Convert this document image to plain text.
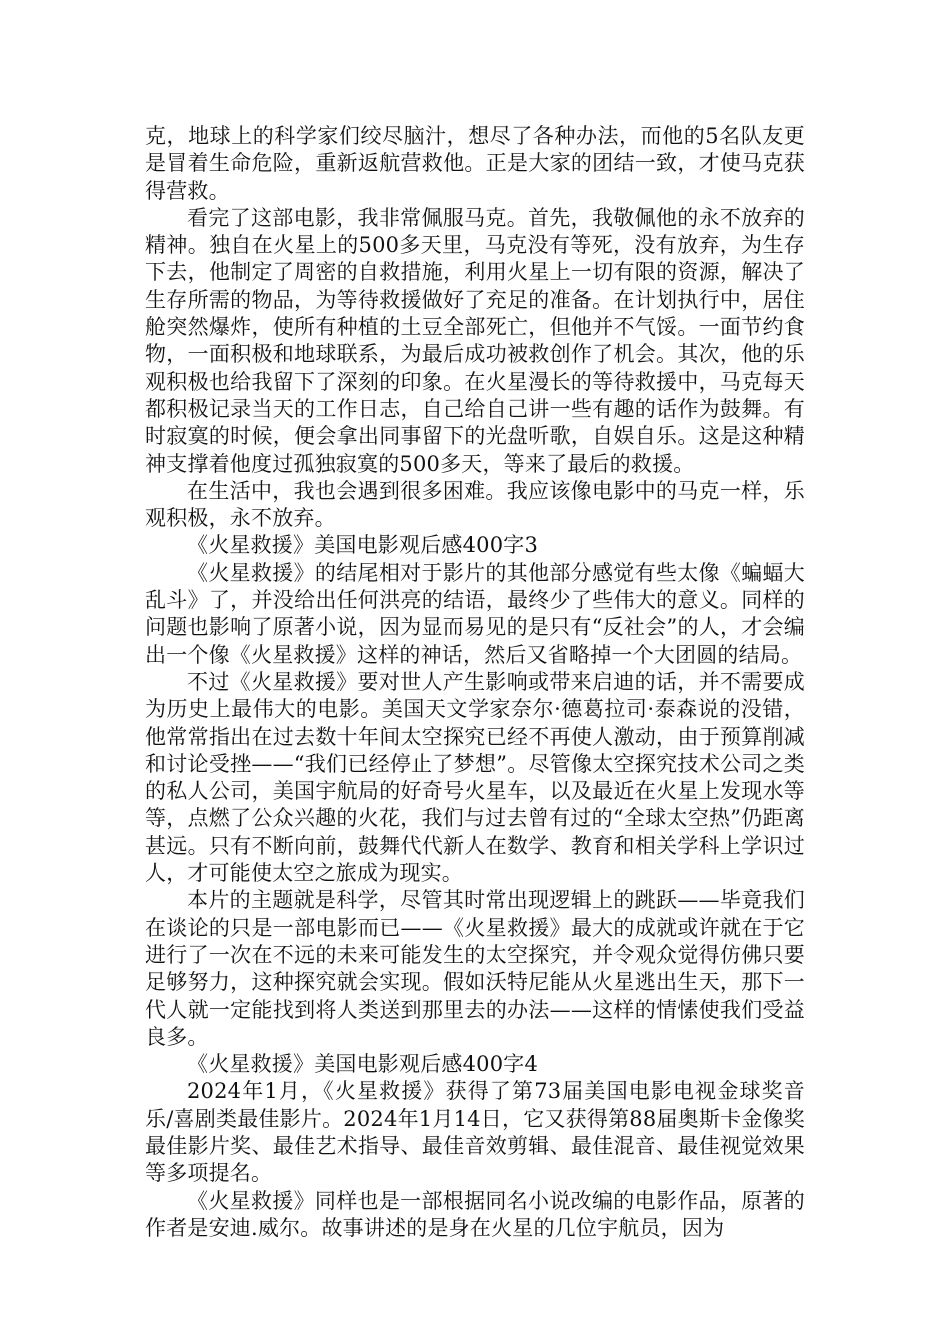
克，地球上的科学家们绞尽脑汁，想尽了各种办法，而他的5名队友更是冒着生命危险，重新返航营救他。正是大家的团结一致，才使马克获得营救。

看完了这部电影，我非常佩服马克。首先，我敬佩他的永不放弃的精神。独自在火星上的500多天里，马克没有等死，没有放弃，为生存下去，他制定了周密的自救措施，利用火星上一切有限的资源，解决了生存所需的物品，为等待救援做好了充足的准备。在计划执行中，居住舱突然爆炸，使所有种植的土豆全部死亡，但他并不气馁。一面节约食物，一面积极和地球联系，为最后成功被救创作了机会。其次，他的乐观积极也给我留下了深刻的印象。在火星漫长的等待救援中，马克每天都积极记录当天的工作日志，自己给自己讲一些有趣的话作为鼓舞。有时寂寞的时候，便会拿出同事留下的光盘听歌，自娱自乐。这是这种精神支撑着他度过孤独寂寞的500多天，等来了最后的救援。

在生活中，我也会遇到很多困难。我应该像电影中的马克一样，乐观积极，永不放弃。

《火星救援》美国电影观后感400字3

《火星救援》的结尾相对于影片的其他部分感觉有些太像《蝙蝠大乱斗》了，并没给出任何洪亮的结语，最终少了些伟大的意义。同样的问题也影响了原著小说，因为显而易见的是只有“反社会”的人，才会编出一个像《火星救援》这样的神话，然后又省略掉一个大团圆的结局。

不过《火星救援》要对世人产生影响或带来启迪的话，并不需要成为历史上最伟大的电影。美国天文学家奈尔·德葛拉司·泰森说的没错，他常常指出在过去数十年间太空探究已经不再使人激动，由于预算削减和讨论受挫——“我们已经停止了梦想”。尽管像太空探究技术公司之类的私人公司，美国宇航局的好奇号火星车，以及最近在火星上发现水等等，点燃了公众兴趣的火花，我们与过去曾有过的“全球太空热”仍距离甚远。只有不断向前，鼓舞代代新人在数学、教育和相关学科上学识过人，才可能使太空之旅成为现实。

本片的主题就是科学，尽管其时常出现逻辑上的跳跃——毕竟我们在谈论的只是一部电影而已——《火星救援》最大的成就或许就在于它进行了一次在不远的未来可能发生的太空探究，并令观众觉得仿佛只要足够努力，这种探究就会实现。假如沃特尼能从火星逃出生天，那下一代人就一定能找到将人类送到那里去的办法——这样的情愫使我们受益良多。

《火星救援》美国电影观后感400字4

2024年1月，《火星救援》获得了第73届美国电影电视金球奖音乐/喜剧类最佳影片。2024年1月14日，它又获得第88届奥斯卡金像奖最佳影片奖、最佳艺术指导、最佳音效剪辑、最佳混音、最佳视觉效果等多项提名。

《火星救援》同样也是一部根据同名小说改编的电影作品，原著的作者是安迪.威尔。故事讲述的是身在火星的几位宇航员，因为
